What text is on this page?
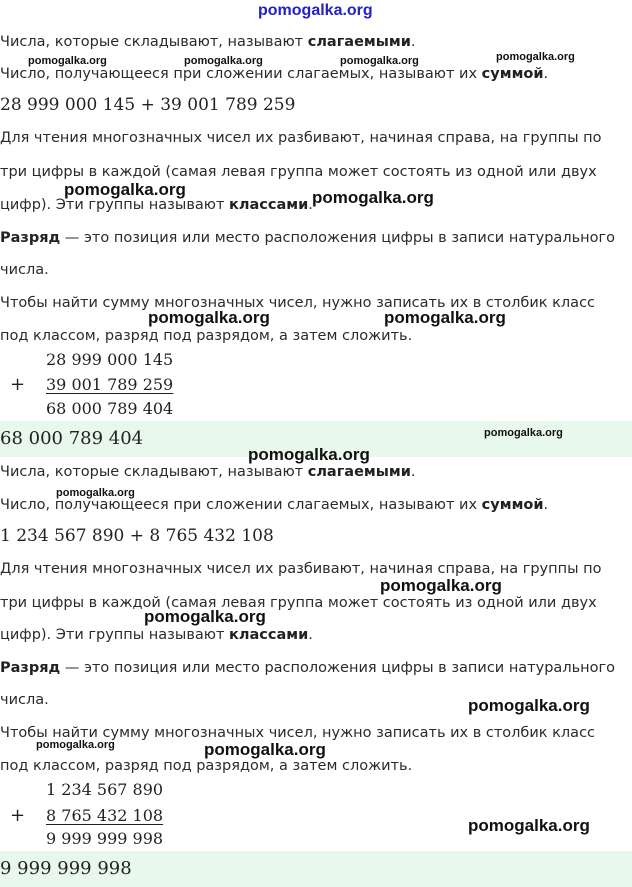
pomogalka.org
Числа, которые складывают, называют слагаемыми.
Число, получающееся при сложении слагаемых, называют их суммой.
28 999 000 145 + 39 001 789 259
Для чтения многозначных чисел их разбивают, начиная справа, на группы по
три цифры в каждой (самая левая группа может состоять из одной или двух
цифр). Эти группы называют классами.
Разряд — это позиция или место расположения цифры в записи натурального
числа.
Чтобы найти сумму многозначных чисел, нужно записать их в столбик класс
под классом, разряд под разрядом, а затем сложить.
28 999 000 145
+ 39 001 789 259
68 000 789 404
68 000 789 404
Числа, которые складывают, называют слагаемыми.
Число, получающееся при сложении слагаемых, называют их суммой.
1 234 567 890 + 8 765 432 108
Для чтения многозначных чисел их разбивают, начиная справа, на группы по
три цифры в каждой (самая левая группа может состоять из одной или двух
цифр). Эти группы называют классами.
Разряд — это позиция или место расположения цифры в записи натурального
числа.
Чтобы найти сумму многозначных чисел, нужно записать их в столбик класс
под классом, разряд под разрядом, а затем сложить.
1 234 567 890
+ 8 765 432 108
9 999 999 998
9 999 999 998
pomogalka.org	pomogalka.org	pomogalka.org	pomogalka.org
pomogalka.org	pomogalka.org
pomogalka.org	pomogalka.org
pomogalka.org
pomogalka.org
pomogalka.org
pomogalka.org
pomogalka.org
pomogalka.org
pomogalka.org	pomogalka.org
pomogalka.org
